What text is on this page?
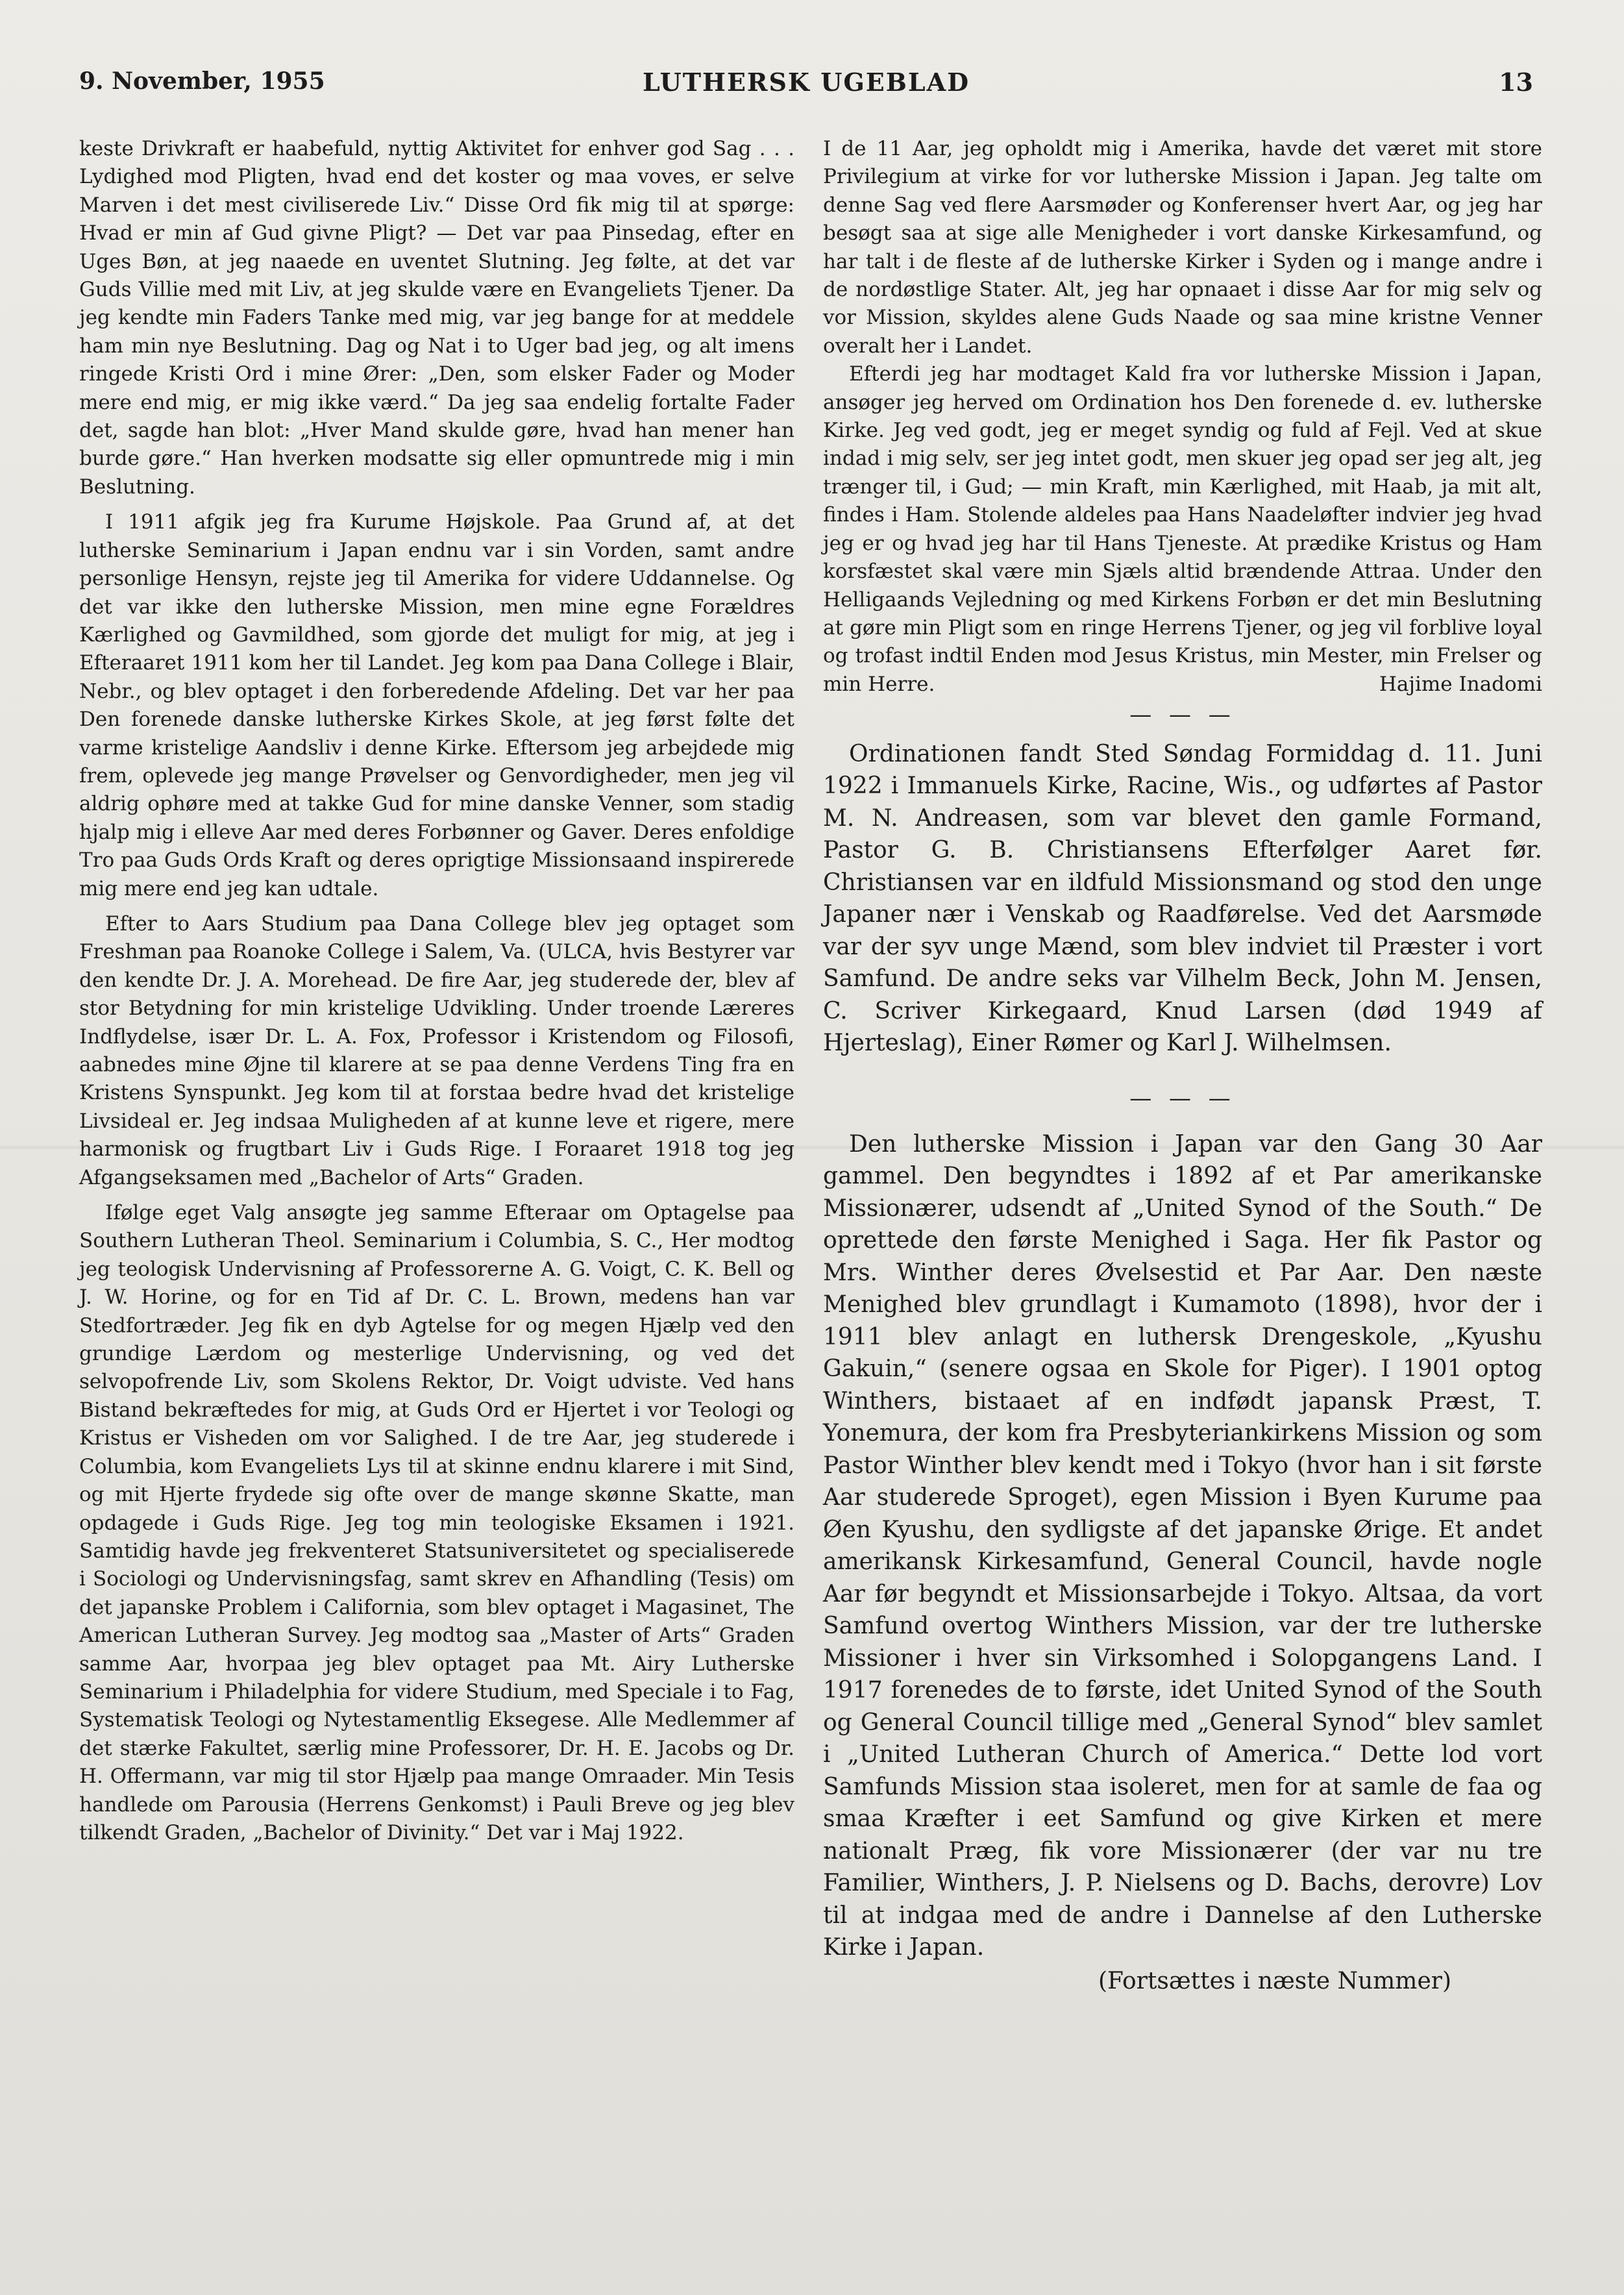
LUTHERSK UGEBLAD
9. November, 1955	13

keste Drivkraft er haabefuld, nyttig Aktivitet for enhver god Sag . . . Lydighed mod Pligten, hvad end det koster og maa voves, er selve Marven i det mest civiliserede Liv.“ Disse Ord fik mig til at spørge: Hvad er min af Gud givne Pligt? — Det var paa Pinsedag, efter en Uges Bøn, at jeg naaede en uventet Slutning. Jeg følte, at det var Guds Villie med mit Liv, at jeg skulde være en Evangeliets Tjener. Da jeg kendte min Faders Tanke med mig, var jeg bange for at meddele ham min nye Beslutning. Dag og Nat i to Uger bad jeg, og alt imens ringede Kristi Ord i mine Ører: „Den, som elsker Fader og Moder mere end mig, er mig ikke værd.“ Da jeg saa endelig fortalte Fader det, sagde han blot: „Hver Mand skulde gøre, hvad han mener han burde gøre.“ Han hverken modsatte sig eller opmuntrede mig i min Beslutning.

I 1911 afgik jeg fra Kurume Højskole. Paa Grund af, at det lutherske Seminarium i Japan endnu var i sin Vorden, samt andre personlige Hensyn, rejste jeg til Amerika for videre Uddannelse. Og det var ikke den lutherske Mission, men mine egne Forældres Kærlighed og Gavmildhed, som gjorde det muligt for mig, at jeg i Efteraaret 1911 kom her til Landet. Jeg kom paa Dana College i Blair, Nebr., og blev optaget i den forberedende Afdeling. Det var her paa Den forenede danske lutherske Kirkes Skole, at jeg først følte det varme kristelige Aandsliv i denne Kirke. Eftersom jeg arbejdede mig frem, oplevede jeg mange Prøvelser og Genvordigheder, men jeg vil aldrig ophøre med at takke Gud for mine danske Venner, som stadig hjalp mig i elleve Aar med deres Forbønner og Gaver. Deres enfoldige Tro paa Guds Ords Kraft og deres oprigtige Missionsaand inspirerede mig mere end jeg kan udtale.

Efter to Aars Studium paa Dana College blev jeg optaget som Freshman paa Roanoke College i Salem, Va. (ULCA, hvis Bestyrer var den kendte Dr. J. A. Morehead. De fire Aar, jeg studerede der, blev af stor Betydning for min kristelige Udvikling. Under troende Læreres Indflydelse, især Dr. L. A. Fox, Professor i Kristendom og Filosofi, aabnedes mine Øjne til klarere at se paa denne Verdens Ting fra en Kristens Synspunkt. Jeg kom til at forstaa bedre hvad det kristelige Livsideal er. Jeg indsaa Muligheden af at kunne leve et rigere, mere harmonisk og frugtbart Liv i Guds Rige. I Foraaret 1918 tog jeg Afgangseksamen med „Bachelor of Arts“ Graden.

Ifølge eget Valg ansøgte jeg samme Efteraar om Optagelse paa Southern Lutheran Theol. Seminarium i Columbia, S. C., Her modtog jeg teologisk Undervisning af Professorerne A. G. Voigt, C. K. Bell og J. W. Horine, og for en Tid af Dr. C. L. Brown, medens han var Stedfortræder. Jeg fik en dyb Agtelse for og megen Hjælp ved den grundige Lærdom og mesterlige Undervisning, og ved det selvopofrende Liv, som Skolens Rektor, Dr. Voigt udviste. Ved hans Bistand bekræftedes for mig, at Guds Ord er Hjertet i vor Teologi og Kristus er Visheden om vor Salighed. I de tre Aar, jeg studerede i Columbia, kom Evangeliets Lys til at skinne endnu klarere i mit Sind, og mit Hjerte frydede sig ofte over de mange skønne Skatte, man opdagede i Guds Rige. Jeg tog min teologiske Eksamen i 1921. Samtidig havde jeg frekventeret Statsuniversitetet og specialiserede i Sociologi og Undervisningsfag, samt skrev en Afhandling (Tesis) om det japanske Problem i California, som blev optaget i Magasinet, The American Lutheran Survey. Jeg modtog saa „Master of Arts“ Graden samme Aar, hvorpaa jeg blev optaget paa Mt. Airy Lutherske Seminarium i Philadelphia for videre Studium, med Speciale i to Fag, Systematisk Teologi og Nytestamentlig Eksegese. Alle Medlemmer af det stærke Fakultet, særlig mine Professorer, Dr. H. E. Jacobs og Dr. H. Offermann, var mig til stor Hjælp paa mange Omraader. Min Tesis handlede om Parousia (Herrens Genkomst) i Pauli Breve og jeg blev tilkendt Graden, „Bachelor of Divinity.“ Det var i Maj 1922.

I de 11 Aar, jeg opholdt mig i Amerika, havde det været mit store Privilegium at virke for vor lutherske Mission i Japan. Jeg talte om denne Sag ved flere Aarsmøder og Konferenser hvert Aar, og jeg har besøgt saa at sige alle Menigheder i vort danske Kirkesamfund, og har talt i de fleste af de lutherske Kirker i Syden og i mange andre i de nordøstlige Stater. Alt, jeg har opnaaet i disse Aar for mig selv og vor Mission, skyldes alene Guds Naade og saa mine kristne Venner overalt her i Landet.

Efterdi jeg har modtaget Kald fra vor lutherske Mission i Japan, ansøger jeg herved om Ordination hos Den forenede d. ev. lutherske Kirke. Jeg ved godt, jeg er meget syndig og fuld af Fejl. Ved at skue indad i mig selv, ser jeg intet godt, men skuer jeg opad ser jeg alt, jeg trænger til, i Gud; — min Kraft, min Kærlighed, mit Haab, ja mit alt, findes i Ham. Stolende aldeles paa Hans Naadeløfter indvier jeg hvad jeg er og hvad jeg har til Hans Tjeneste. At prædike Kristus og Ham korsfæstet skal være min Sjæls altid brændende Attraa. Under den Helligaands Vejledning og med Kirkens Forbøn er det min Beslutning at gøre min Pligt som en ringe Herrens Tjener, og jeg vil forblive loyal og trofast indtil Enden mod Jesus Kristus, min Mester, min Frelser og min Herre.	Hajime Inadomi
— — —

Ordinationen fandt Sted Søndag Formiddag d. 11. Juni 1922 i Immanuels Kirke, Racine, Wis., og udførtes af Pastor M. N. Andreasen, som var blevet den gamle Formand, Pastor G. B. Christiansens Efterfølger Aaret før. Christiansen var en ildfuld Missionsmand og stod den unge Japaner nær i Venskab og Raadførelse. Ved det Aarsmøde var der syv unge Mænd, som blev indviet til Præster i vort Samfund. De andre seks var Vilhelm Beck, John M. Jensen, C. Scriver Kirkegaard, Knud Larsen (død 1949 af Hjerteslag), Einer Rømer og Karl J. Wilhelmsen.

— — —

Den lutherske Mission i Japan var den Gang 30 Aar gammel. Den begyndtes i 1892 af et Par amerikanske Missionærer, udsendt af „United Synod of the South.“ De oprettede den første Menighed i Saga. Her fik Pastor og Mrs. Winther deres Øvelsestid et Par Aar. Den næste Menighed blev grundlagt i Kumamoto (1898), hvor der i 1911 blev anlagt en luthersk Drengeskole, „Kyushu Gakuin,“ (senere ogsaa en Skole for Piger). I 1901 optog Winthers, bistaaet af en indfødt japansk Præst, T. Yonemura, der kom fra Presbyteriankirkens Mission og som Pastor Winther blev kendt med i Tokyo (hvor han i sit første Aar studerede Sproget), egen Mission i Byen Kurume paa Øen Kyushu, den sydligste af det japanske Ørige. Et andet amerikansk Kirkesamfund, General Council, havde nogle Aar før begyndt et Missionsarbejde i Tokyo. Altsaa, da vort Samfund overtog Winthers Mission, var der tre lutherske Missioner i hver sin Virksomhed i Solopgangens Land. I 1917 forenedes de to første, idet United Synod of the South og General Council tillige med „General Synod“ blev samlet i „United Lutheran Church of America.“ Dette lod vort Samfunds Mission staa isoleret, men for at samle de faa og smaa Kræfter i eet Samfund og give Kirken et mere nationalt Præg, fik vore Missionærer (der var nu tre Familier, Winthers, J. P. Nielsens og D. Bachs, derovre) Lov til at indgaa med de andre i Dannelse af den Lutherske Kirke i Japan.

(Fortsættes i næste Nummer)
